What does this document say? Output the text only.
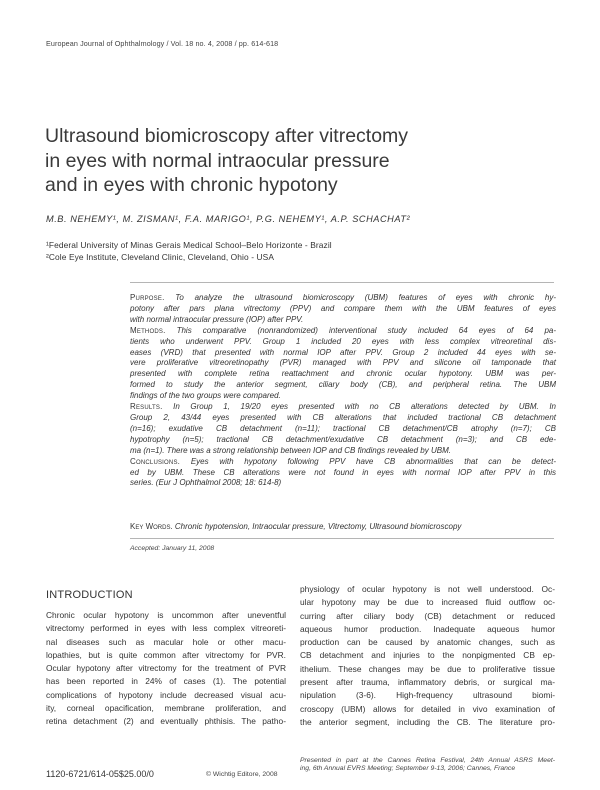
European Journal of Ophthalmology / Vol. 18 no. 4, 2008 / pp. 614-618
Ultrasound biomicroscopy after vitrectomy
in eyes with normal intraocular pressure
and in eyes with chronic hypotony
M.B. NEHEMY¹, M. ZISMAN¹, F.A. MARIGO¹, P.G. NEHEMY¹, A.P. SCHACHAT²
¹Federal University of Minas Gerais Medical School–Belo Horizonte - Brazil
²Cole Eye Institute, Cleveland Clinic, Cleveland, Ohio - USA
Purpose. To analyze the ultrasound biomicroscopy (UBM) features of eyes with chronic hy-
potony after pars plana vitrectomy (PPV) and compare them with the UBM features of eyes
with normal intraocular pressure (IOP) after PPV.
Methods. This comparative (nonrandomized) interventional study included 64 eyes of 64 pa-
tients who underwent PPV. Group 1 included 20 eyes with less complex vitreoretinal dis-
eases (VRD) that presented with normal IOP after PPV. Group 2 included 44 eyes with se-
vere proliferative vitreoretinopathy (PVR) managed with PPV and silicone oil tamponade that
presented with complete retina reattachment and chronic ocular hypotony. UBM was per-
formed to study the anterior segment, ciliary body (CB), and peripheral retina. The UBM
findings of the two groups were compared.
Results. In Group 1, 19/20 eyes presented with no CB alterations detected by UBM. In
Group 2, 43/44 eyes presented with CB alterations that included tractional CB detachment
(n=16); exudative CB detachment (n=11); tractional CB detachment/CB atrophy (n=7); CB
hypotrophy (n=5); tractional CB detachment/exudative CB detachment (n=3); and CB ede-
ma (n=1). There was a strong relationship between IOP and CB findings revealed by UBM.
Conclusions. Eyes with hypotony following PPV have CB abnormalities that can be detect-
ed by UBM. These CB alterations were not found in eyes with normal IOP after PPV in this
series. (Eur J Ophthalmol 2008; 18: 614-8)
Key Words. Chronic hypotension, Intraocular pressure, Vitrectomy, Ultrasound biomicroscopy
Accepted: January 11, 2008
INTRODUCTION
Chronic ocular hypotony is uncommon after uneventful
vitrectomy performed in eyes with less complex vitreoreti-
nal diseases such as macular hole or other macu-
lopathies, but is quite common after vitrectomy for PVR.
Ocular hypotony after vitrectomy for the treatment of PVR
has been reported in 24% of cases (1). The potential
complications of hypotony include decreased visual acu-
ity, corneal opacification, membrane proliferation, and
retina detachment (2) and eventually phthisis. The patho-
physiology of ocular hypotony is not well understood. Oc-
ular hypotony may be due to increased fluid outflow oc-
curring after ciliary body (CB) detachment or reduced
aqueous humor production. Inadequate aqueous humor
production can be caused by anatomic changes, such as
CB detachment and injuries to the nonpigmented CB ep-
ithelium. These changes may be due to proliferative tissue
present after trauma, inflammatory debris, or surgical ma-
nipulation (3-6). High-frequency ultrasound biomi-
croscopy (UBM) allows for detailed in vivo examination of
the anterior segment, including the CB. The literature pro-
1120-6721/614-05$25.00/0	© Wichtig Editore, 2008
Presented in part at the Cannes Retina Festival, 24th Annual ASRS Meet-
ing, 6th Annual EVRS Meeting; September 9-13, 2006; Cannes, France
